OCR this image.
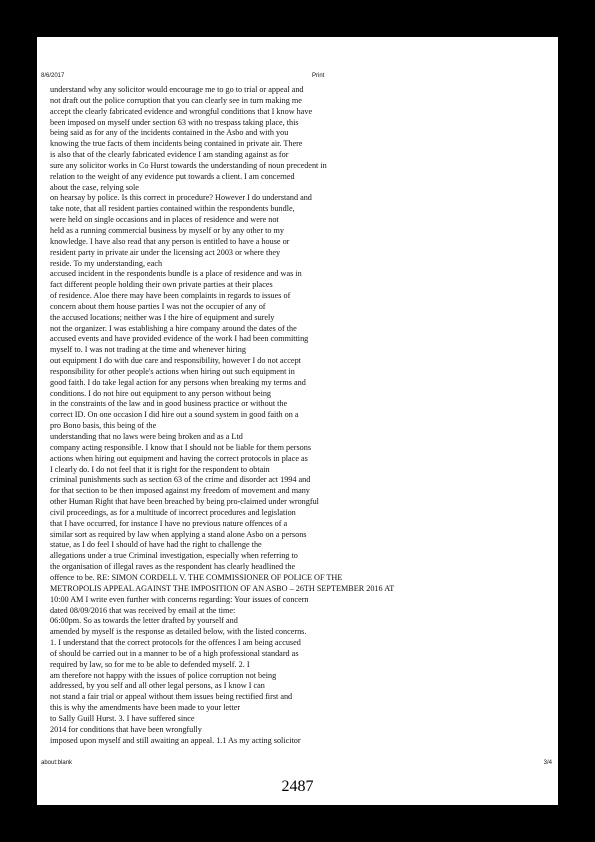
8/6/2017	Print
understand why any solicitor would encourage me to go to trial or appeal and
not draft out the police corruption that you can clearly see in turn making me
accept the clearly fabricated evidence and wrongful conditions that I know have
been imposed on myself under section 63 with no trespass taking place, this
being said as for any of the incidents contained in the Asbo and with you
knowing the true facts of them incidents being contained in private air. There
is also that of the clearly fabricated evidence I am standing against as for
sure any solicitor works in Co Hurst towards the understanding of noun precedent in
relation to the weight of any evidence put towards a client. I am concerned
about the case, relying sole
on hearsay by police. Is this correct in procedure? However I do understand and
take note, that all resident parties contained within the respondents bundle,
were held on single occasions and in places of residence and were not
held as a running commercial business by myself or by any other to my
knowledge. I have also read that any person is entitled to have a house or
resident party in private air under the licensing act 2003 or where they
reside. To my understanding, each
accused incident in the respondents bundle is a place of residence and was in
fact different people holding their own private parties at their places
of residence. Aloe there may have been complaints in regards to issues of
concern about them house parties I was not the occupier of any of
the accused locations; neither was I the hire of equipment and surely
not the organizer. I was establishing a hire company around the dates of the
accused events and have provided evidence of the work I had been committing
myself to. I was not trading at the time and whenever hiring
out equipment I do with due care and responsibility, however I do not accept
responsibility for other people's actions when hiring out such equipment in
good faith. I do take legal action for any persons when breaking my terms and
conditions. I do not hire out equipment to any person without being
in the constraints of the law and in good business practice or without the
correct ID. On one occasion I did hire out a sound system in good faith on a
pro Bono basis, this being of the
understanding that no laws were being broken and as a Ltd
company acting responsible. I know that I should not be liable for them persons
actions when hiring out equipment and having the correct protocols in place as
I clearly do. I do not feel that it is right for the respondent to obtain
criminal punishments such as section 63 of the crime and disorder act 1994 and
for that section to be then imposed against my freedom of movement and many
other Human Right that have been breached by being pro-claimed under wrongful
civil proceedings, as for a multitude of incorrect procedures and legislation
that I have occurred, for instance I have no previous nature offences of a
similar sort as required by law when applying a stand alone Asbo on a persons
statue, as I do feel I should of have had the right to challenge the
allegations under a true Criminal investigation, especially when referring to
the organisation of illegal raves as the respondent has clearly headlined the
offence to be. RE: SIMON CORDELL V. THE COMMISSIONER OF POLICE OF THE
METROPOLIS APPEAL AGAINST THE IMPOSITION OF AN ASBO – 26TH SEPTEMBER 2016 AT
10:00 AM I write even further with concerns regarding: Your issues of concern
dated 08/09/2016 that was received by email at the time:
06:00pm. So as towards the letter drafted by yourself and
amended by myself is the response as detailed below, with the listed concerns.
1. I understand that the correct protocols for the offences I am being accused
of should be carried out in a manner to be of a high professional standard as
required by law, so for me to be able to defended myself. 2. I
am therefore not happy with the issues of police corruption not being
addressed, by you self and all other legal persons, as I know I can
not stand a fair trial or appeal without them issues being rectified first and
this is why the amendments have been made to your letter
to Sally Guill Hurst. 3. I have suffered since
2014 for conditions that have been wrongfully
imposed upon myself and still awaiting an appeal. 1.1 As my acting solicitor
about:blank	3/4
2487
